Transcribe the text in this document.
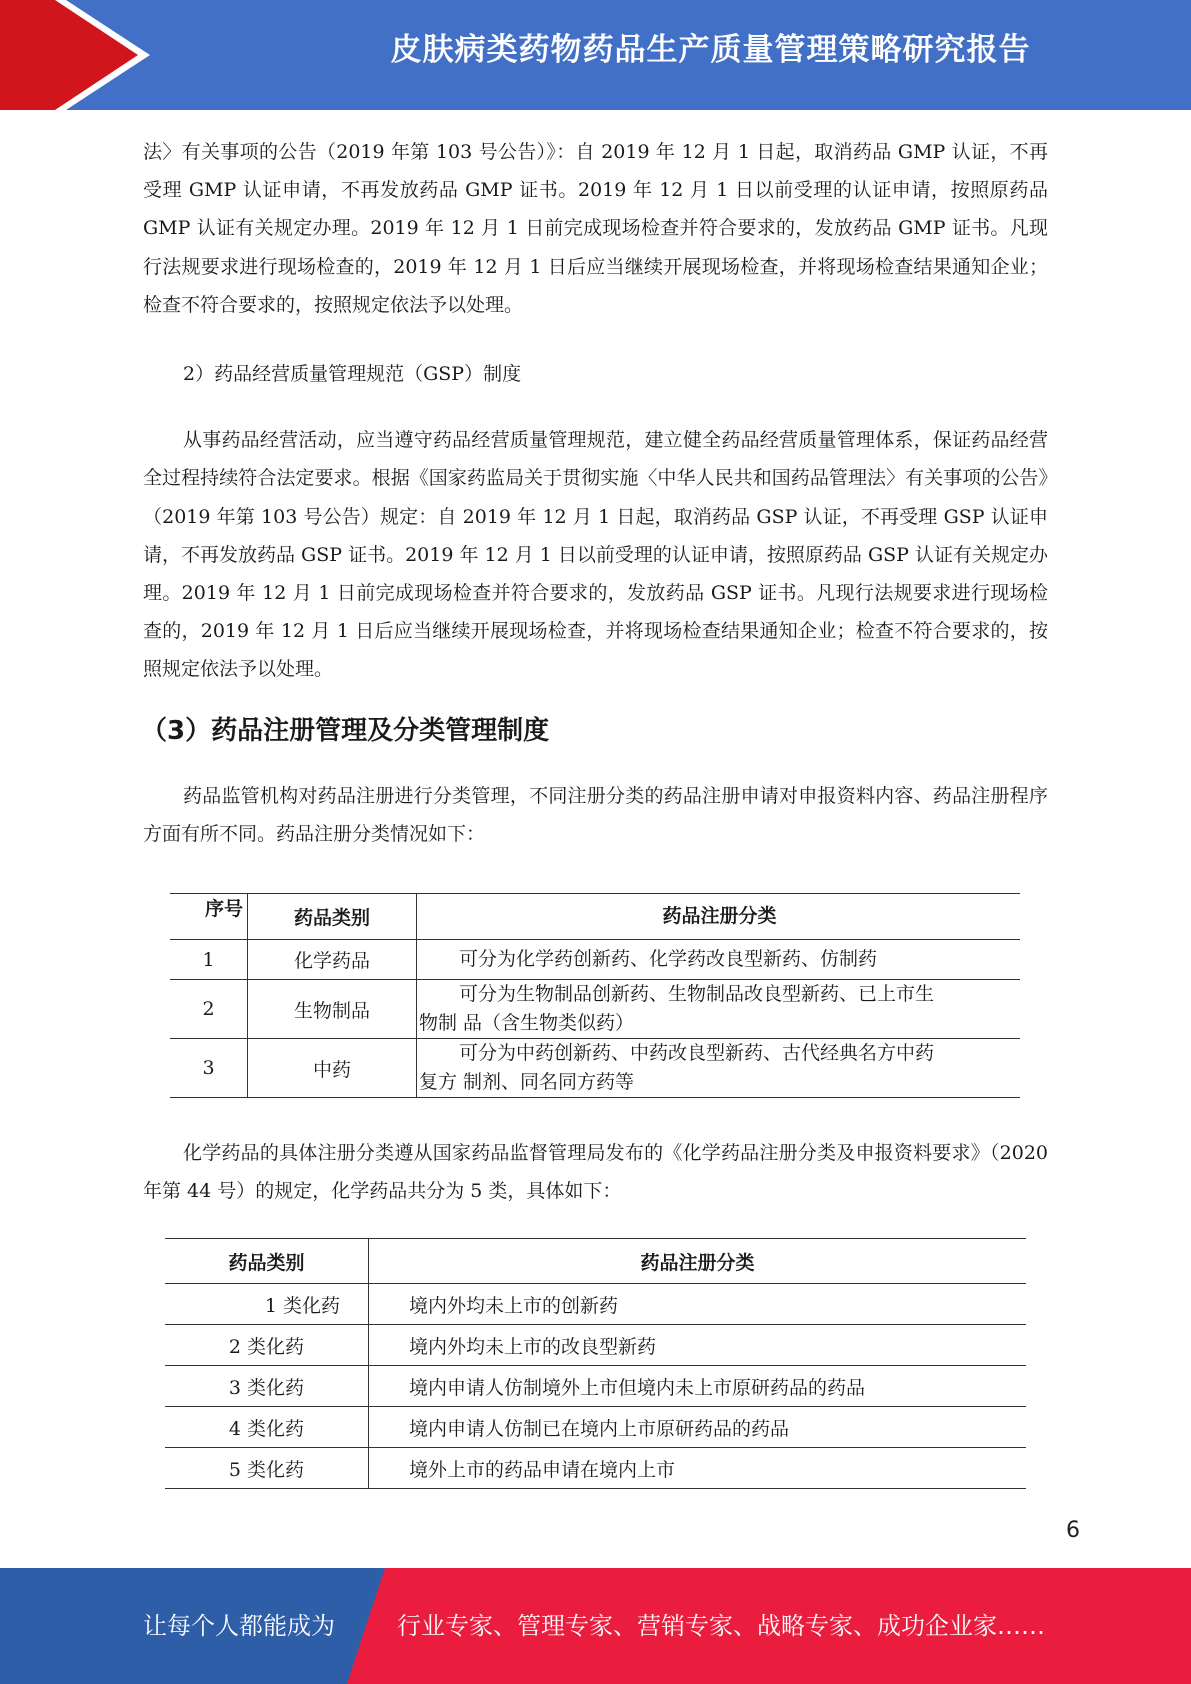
皮肤病类药物药品生产质量管理策略研究报告

法〉有关事项的公告（2019 年第 103 号公告）》：自 2019 年 12 月 1 日起，取消药品 GMP 认证，不再受理 GMP 认证申请，不再发放药品 GMP 证书。2019 年 12 月 1 日以前受理的认证申请，按照原药品 GMP 认证有关规定办理。2019 年 12 月 1 日前完成现场检查并符合要求的，发放药品 GMP 证书。凡现行法规要求进行现场检查的，2019 年 12 月 1 日后应当继续开展现场检查，并将现场检查结果通知企业；检查不符合要求的，按照规定依法予以处理。

2）药品经营质量管理规范（GSP）制度

从事药品经营活动，应当遵守药品经营质量管理规范，建立健全药品经营质量管理体系，保证药品经营全过程持续符合法定要求。根据《国家药监局关于贯彻实施〈中华人民共和国药品管理法〉有关事项的公告》（2019 年第 103 号公告）规定：自 2019 年 12 月 1 日起，取消药品 GSP 认证，不再受理 GSP 认证申请，不再发放药品 GSP 证书。2019 年 12 月 1 日以前受理的认证申请，按照原药品 GSP 认证有关规定办理。2019 年 12 月 1 日前完成现场检查并符合要求的，发放药品 GSP 证书。凡现行法规要求进行现场检查的，2019 年 12 月 1 日后应当继续开展现场检查，并将现场检查结果通知企业；检查不符合要求的，按照规定依法予以处理。

（3）药品注册管理及分类管理制度

药品监管机构对药品注册进行分类管理，不同注册分类的药品注册申请对申报资料内容、药品注册程序方面有所不同。药品注册分类情况如下：

序号	药品类别	药品注册分类
1	化学药品	可分为化学药创新药、化学药改良型新药、仿制药

2	生物制品	可分为生物制品创新药、生物制品改良型新药、已上市生
物制 品（含生物类似药）

3	中药	可分为中药创新药、中药改良型新药、古代经典名方中药
复方 制剂、同名同方药等

化学药品的具体注册分类遵从国家药品监督管理局发布的《化学药品注册分类及申报资料要求》（2020 年第 44 号）的规定，化学药品共分为 5 类，具体如下：

药品类别	药品注册分类
1 类化药	境内外均未上市的创新药
2 类化药	境内外均未上市的改良型新药
3 类化药	境内申请人仿制境外上市但境内未上市原研药品的药品
4 类化药	境内申请人仿制已在境内上市原研药品的药品
5 类化药	境外上市的药品申请在境内上市
6
让每个人都能成为	行业专家、管理专家、营销专家、战略专家、成功企业家……
